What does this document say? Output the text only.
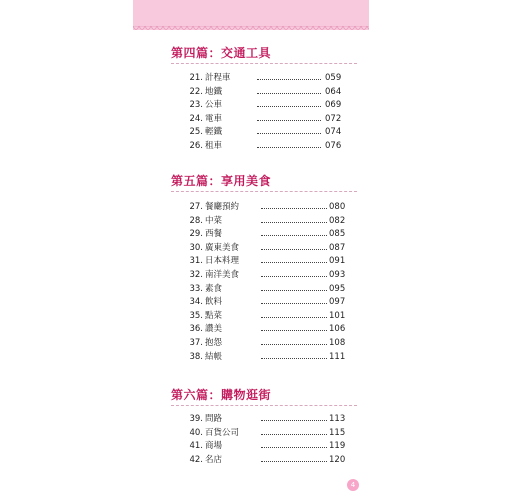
第四篇：交通工具
21. 計程車	059
22. 地鐵	064
23. 公車	069
24. 電車	072
25. 輕鐵	074
26. 租車	076
第五篇：享用美食
27. 餐廳預約	080
28. 中菜	082
29. 西餐	085
30. 廣東美食	087
31. 日本料理	091
32. 南洋美食	093
33. 素食	095
34. 飲料	097
35. 點菜	101
36. 讚美	106
37. 抱怨	108
38. 結帳	111
第六篇：購物逛街
39. 問路	113
40. 百貨公司	115
41. 商場	119
42. 名店	120
4
